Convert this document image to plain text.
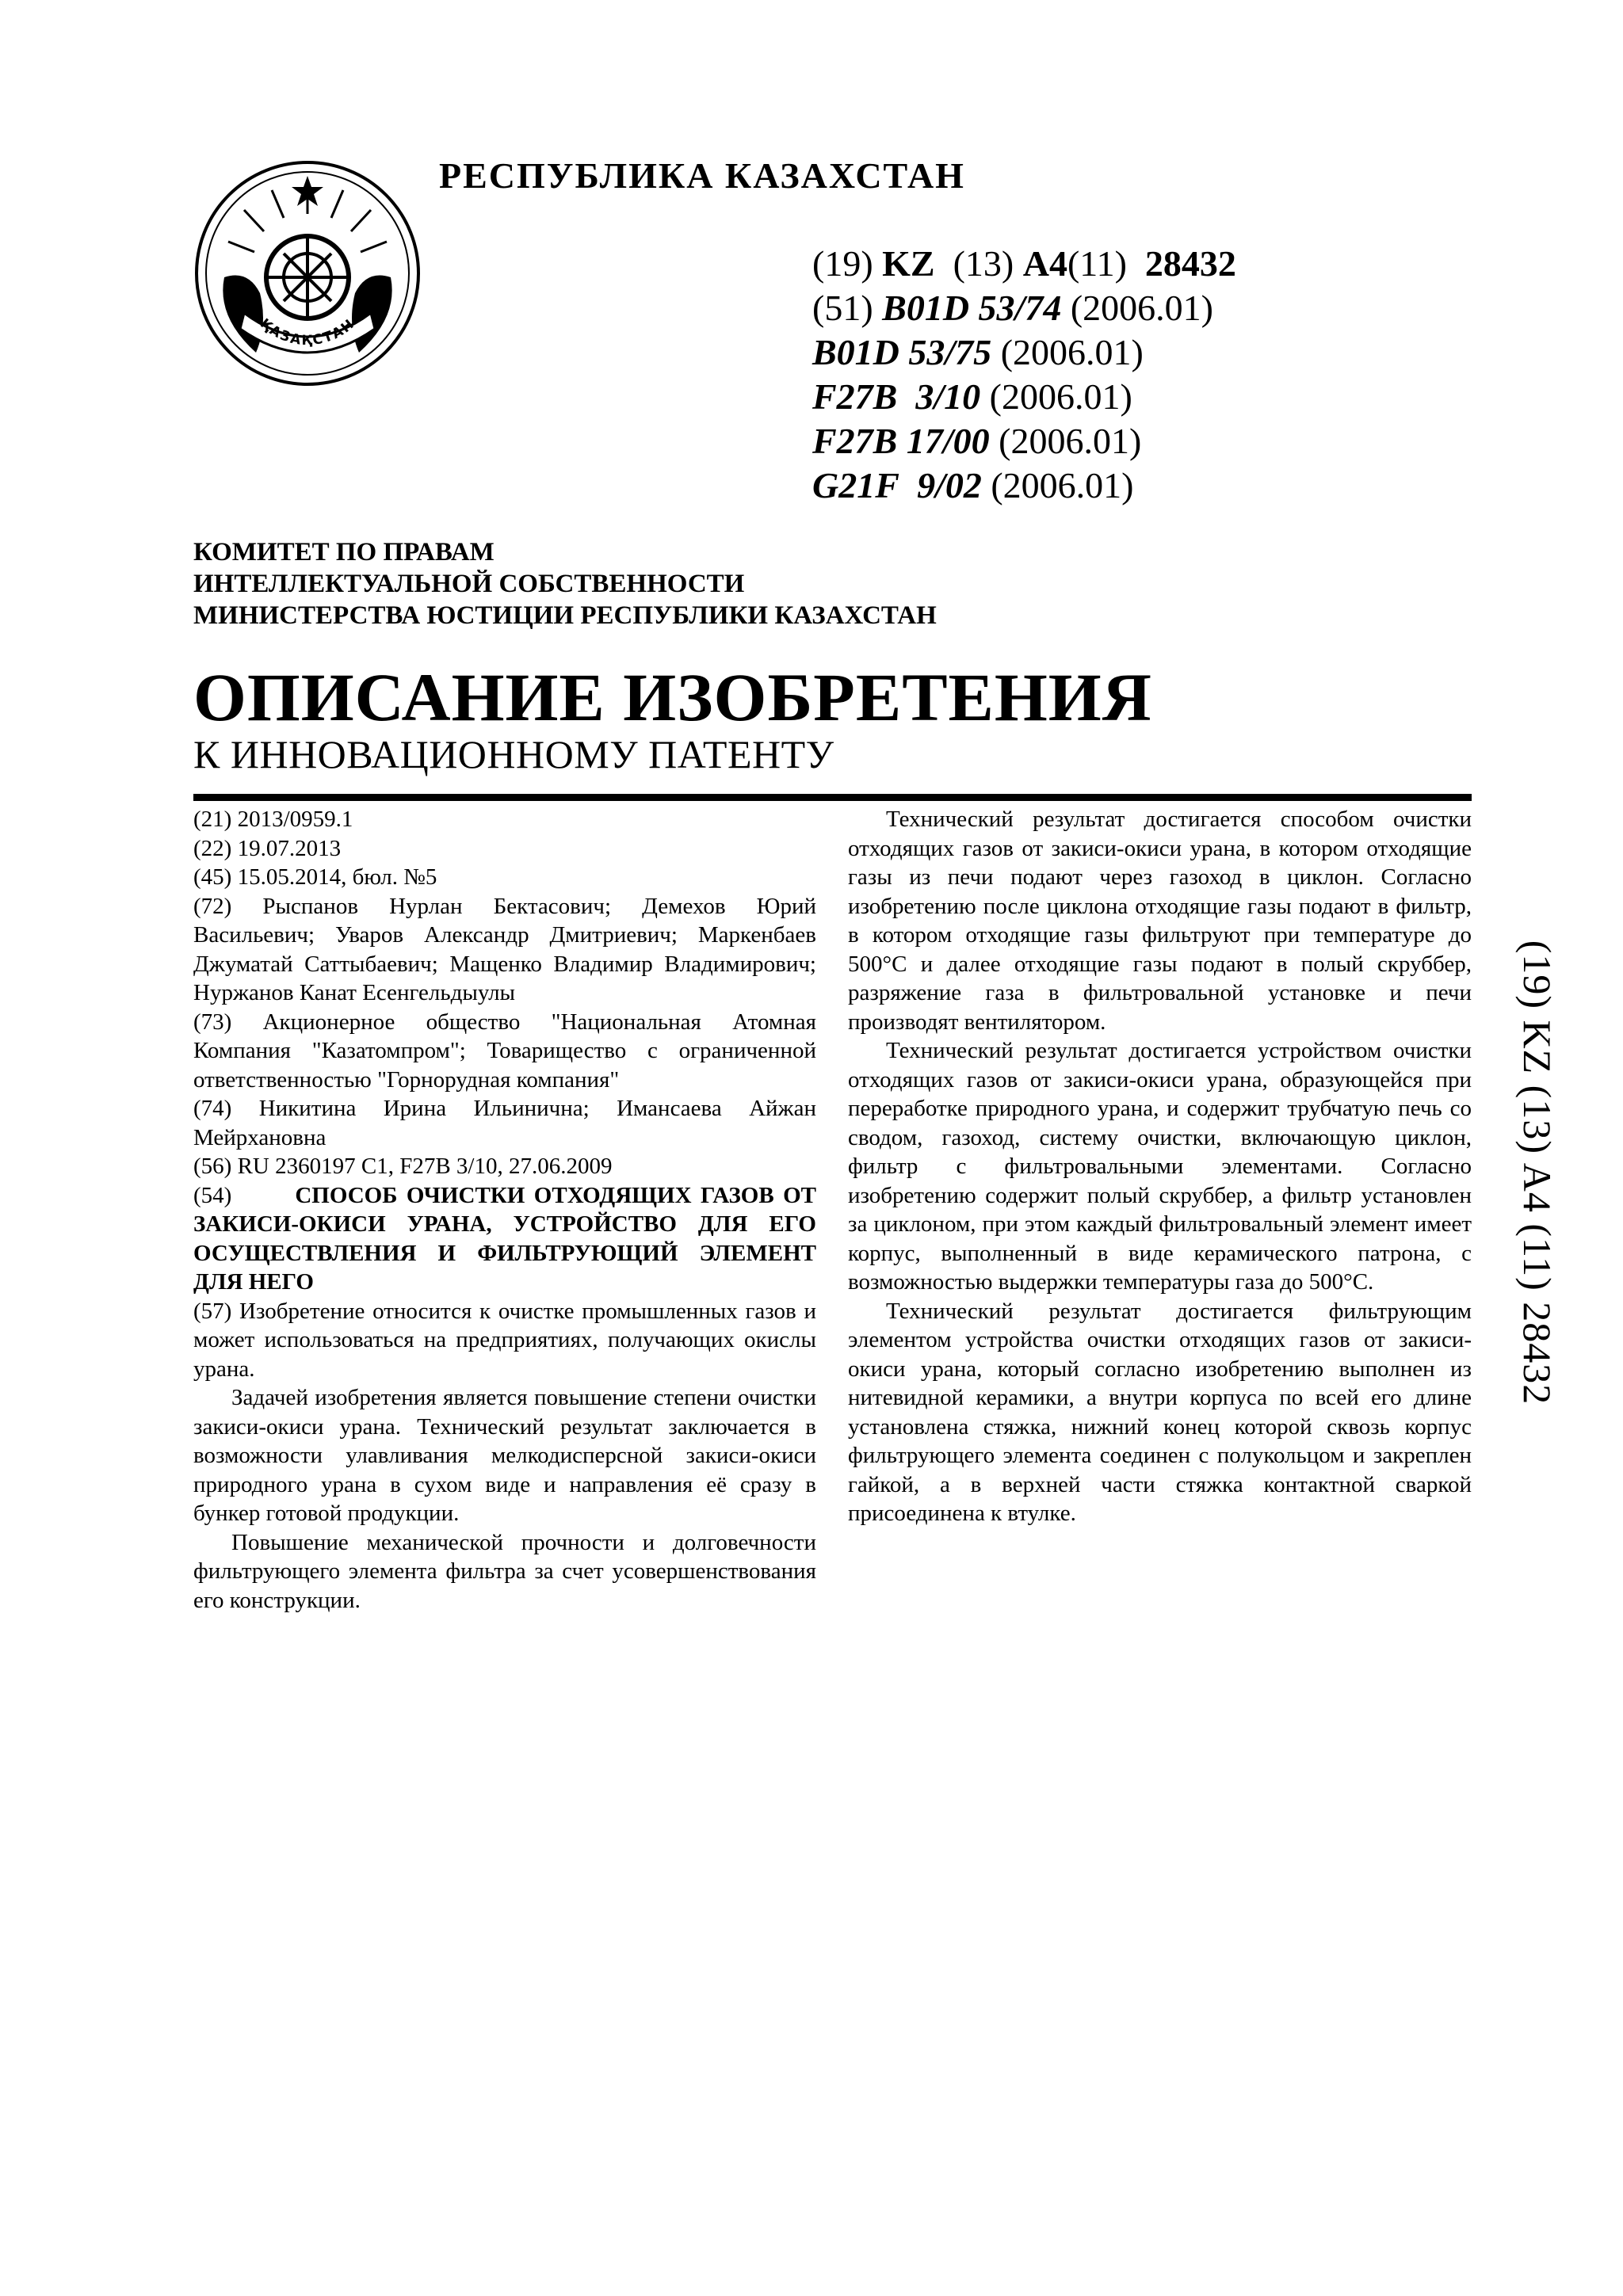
ҚАЗАҚСТАН
РЕСПУБЛИКА КАЗАХСТАН
(19) KZ (13) A4(11) 28432
(51) B01D 53/74 (2006.01)
B01D 53/75 (2006.01)
F27B  3/10 (2006.01)
F27B 17/00 (2006.01)
G21F  9/02 (2006.01)
КОМИТЕТ ПО ПРАВАМ
ИНТЕЛЛЕКТУАЛЬНОЙ СОБСТВЕННОСТИ
МИНИСТЕРСТВА ЮСТИЦИИ РЕСПУБЛИКИ КАЗАХСТАН
ОПИСАНИЕ ИЗОБРЕТЕНИЯ
К ИННОВАЦИОННОМУ ПАТЕНТУ

(21) 2013/0959.1

(22) 19.07.2013

(45) 15.05.2014, бюл. №5

(72) Рыспанов Нурлан Бектасович; Демехов Юрий Васильевич; Уваров Александр Дмитриевич; Маркенбаев Джуматай Саттыбаевич; Мащенко Владимир Владимирович; Нуржанов Канат Есенгельдыулы

(73) Акционерное общество "Национальная Атомная Компания "Казатомпром"; Товарищество с ограниченной ответственностью "Горнорудная компания"

(74) Никитина Ирина Ильинична; Имансаева Айжан Мейрхановна

(56) RU 2360197 C1, F27B 3/10, 27.06.2009

(54)	СПОСОБ ОЧИСТКИ ОТХОДЯЩИХ ГАЗОВ ОТ ЗАКИСИ-ОКИСИ УРАНА, УСТРОЙСТВО ДЛЯ ЕГО ОСУЩЕСТВЛЕНИЯ И ФИЛЬТРУЮЩИЙ ЭЛЕМЕНТ ДЛЯ НЕГО

(57) Изобретение относится к очистке промышленных газов и может использоваться на предприятиях, получающих окислы урана.

Задачей изобретения является повышение степени очистки закиси-окиси урана. Технический результат заключается в возможности улавливания мелкодисперсной закиси-окиси природного урана в сухом виде и направления её сразу в бункер готовой продукции.

Повышение механической прочности и долговечности фильтрующего элемента фильтра за счет усовершенствования его конструкции.

Технический результат достигается способом очистки отходящих газов от закиси-окиси урана, в котором отходящие газы из печи подают через газоход в циклон. Согласно изобретению после циклона отходящие газы подают в фильтр, в котором отходящие газы фильтруют при температуре до 500°C и далее отходящие газы подают в полый скруббер, разряжение газа в фильтровальной установке и печи производят вентилятором.

Технический результат достигается устройством очистки отходящих газов от закиси-окиси урана, образующейся при переработке природного урана, и содержит трубчатую печь со сводом, газоход, систему очистки, включающую циклон, фильтр с фильтровальными элементами. Согласно изобретению содержит полый скруббер, а фильтр установлен за циклоном, при этом каждый фильтровальный элемент имеет корпус, выполненный в виде керамического патрона, с возможностью выдержки температуры газа до 500°C.

Технический результат достигается фильтрующим элементом устройства очистки отходящих газов от закиси-окиси урана, который согласно изобретению выполнен из нитевидной керамики, а внутри корпуса по всей его длине установлена стяжка, нижний конец которой сквозь корпус фильтрующего элемента соединен с полукольцом и закреплен гайкой, а в верхней части стяжка контактной сваркой присоединена к втулке.

(19) KZ (13) A4 (11) 28432
